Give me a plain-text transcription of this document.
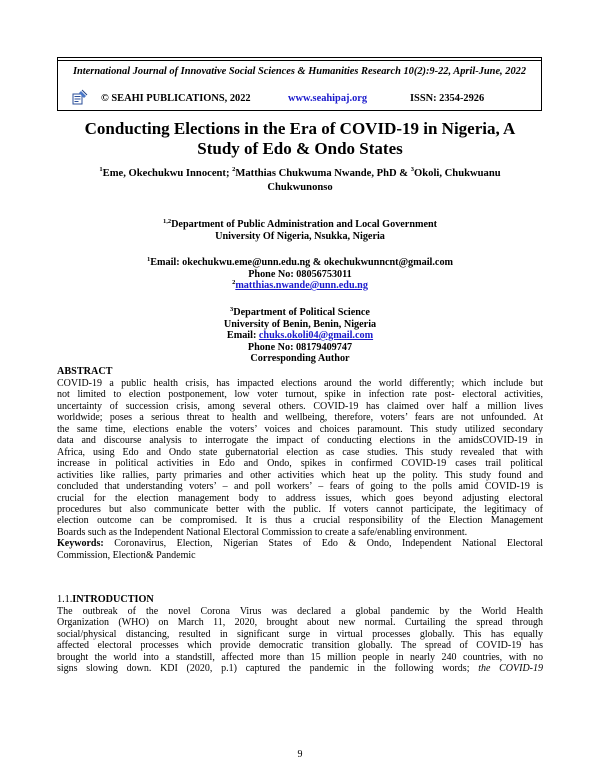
International Journal of Innovative Social Sciences & Humanities Research 10(2):9-22, April-June, 2022
© SEAHI PUBLICATIONS, 2022	www.seahipaj.org	ISSN: 2354-2926
Conducting Elections in the Era of COVID-19 in Nigeria, A
Study of Edo & Ondo States
$^1$Eme, Okechukwu Innocent; $^2$Matthias Chukwuma Nwande, PhD & $^3$Okoli, Chukwuanu
Chukwunonso
$^{1,2}$Department of Public Administration and Local Government
University Of Nigeria, Nsukka, Nigeria
$^1$Email: okechukwu.eme@unn.edu.ng & okechukwunncnt@gmail.com
Phone No: 08056753011
$^2$matthias.nwande@unn.edu.ng
$^3$Department of Political Science
University of Benin, Benin, Nigeria
Email: chuks.okoli04@gmail.com
Phone No: 08179409747
Corresponding Author
ABSTRACT
COVID-19 a public health crisis, has impacted elections around the world differently; which include but
not limited to election postponement, low voter turnout, spike in infection rate post- electoral activities,
uncertainty of succession crisis, among several others. COVID-19 has claimed over half a million lives
worldwide; poses a serious threat to health and wellbeing, therefore, voters’ fears are not unfounded. At
the same time, elections enable the voters’ voices and choices paramount. This study utilized secondary
data and discourse analysis to interrogate the impact of conducting elections in the amidsCOVID-19 in
Africa, using Edo and Ondo state gubernatorial election as case studies. This study revealed that with
increase in political activities in Edo and Ondo, spikes in confirmed COVID-19 cases trail political
activities like rallies, party primaries and other activities which heat up the polity. This study found and
concluded that understanding voters’ – and poll workers’ – fears of going to the polls amid COVID-19 is
crucial for the election management body to address issues, which goes beyond adjusting electoral
procedures but also communicate better with the public. If voters cannot participate, the legitimacy of
election outcome can be compromised. It is thus a crucial responsibility of the Election Management
Boards such as the Independent National Electoral Commission to create a safe/enabling environment.
Keywords: Coronavirus, Election, Nigerian States of Edo & Ondo, Independent National Electoral
Commission, Election& Pandemic
1.1.INTRODUCTION
The outbreak of the novel Corona Virus was declared a global pandemic by the World Health
Organization (WHO) on March 11, 2020, brought about new normal. Curtailing the spread through
social/physical distancing, resulted in significant surge in virtual processes globally. This has equally
affected electoral processes which provide democratic transition globally. The spread of COVID-19 has
brought the world into a standstill, affected more than 15 million people in nearly 240 countries, with no
signs slowing down. KDI (2020, p.1) captured the pandemic in the following words; the COVID-19
9
